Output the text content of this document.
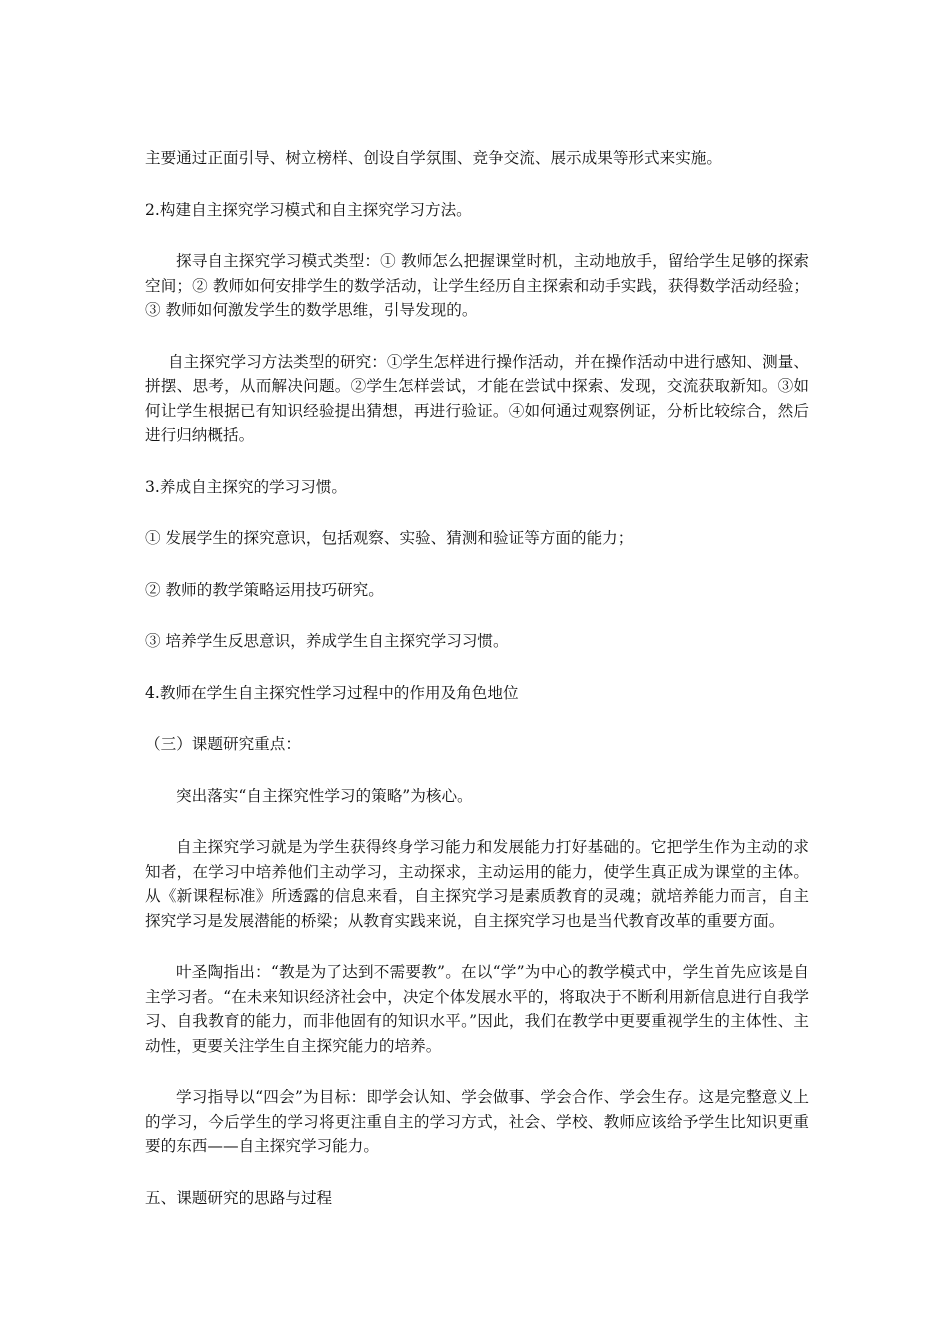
主要通过正面引导、树立榜样、创设自学氛围、竞争交流、展示成果等形式来实施。

2.构建自主探究学习模式和自主探究学习方法。

探寻自主探究学习模式类型：① 教师怎么把握课堂时机，主动地放手，留给学生足够的探索空间；② 教师如何安排学生的数学活动，让学生经历自主探索和动手实践，获得数学活动经验；③ 教师如何激发学生的数学思维，引导发现的。

自主探究学习方法类型的研究：①学生怎样进行操作活动，并在操作活动中进行感知、测量、拼摆、思考，从而解决问题。②学生怎样尝试，才能在尝试中探索、发现，交流获取新知。③如何让学生根据已有知识经验提出猜想，再进行验证。④如何通过观察例证，分析比较综合，然后进行归纳概括。

3.养成自主探究的学习习惯。

① 发展学生的探究意识，包括观察、实验、猜测和验证等方面的能力；

② 教师的教学策略运用技巧研究。

③ 培养学生反思意识，养成学生自主探究学习习惯。

4.教师在学生自主探究性学习过程中的作用及角色地位

（三）课题研究重点：

突出落实“自主探究性学习的策略”为核心。

自主探究学习就是为学生获得终身学习能力和发展能力打好基础的。它把学生作为主动的求知者，在学习中培养他们主动学习，主动探求，主动运用的能力，使学生真正成为课堂的主体。从《新课程标准》所透露的信息来看，自主探究学习是素质教育的灵魂；就培养能力而言，自主探究学习是发展潜能的桥梁；从教育实践来说，自主探究学习也是当代教育改革的重要方面。

叶圣陶指出：“教是为了达到不需要教”。在以“学”为中心的教学模式中，学生首先应该是自主学习者。“在未来知识经济社会中，决定个体发展水平的，将取决于不断利用新信息进行自我学习、自我教育的能力，而非他固有的知识水平。”因此，我们在教学中更要重视学生的主体性、主动性，更要关注学生自主探究能力的培养。

学习指导以“四会”为目标：即学会认知、学会做事、学会合作、学会生存。这是完整意义上的学习，今后学生的学习将更注重自主的学习方式，社会、学校、教师应该给予学生比知识更重要的东西——自主探究学习能力。

五、课题研究的思路与过程
